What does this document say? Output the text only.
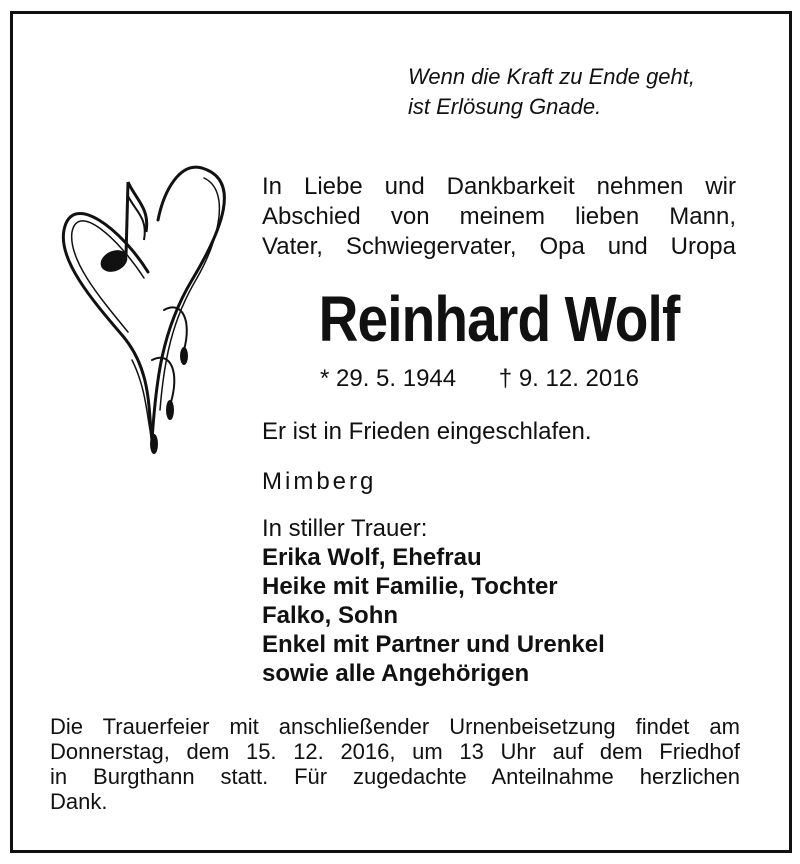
Wenn die Kraft zu Ende geht,
ist Erlösung Gnade.
In Liebe und Dankbarkeit nehmen wir
Abschied von meinem lieben Mann,
Vater, Schwiegervater, Opa und Uropa
Reinhard Wolf
* 29. 5. 1944 † 9. 12. 2016
Er ist in Frieden eingeschlafen.
Mimberg
In stiller Trauer:
Erika Wolf, Ehefrau
Heike mit Familie, Tochter
Falko, Sohn
Enkel mit Partner und Urenkel
sowie alle Angehörigen
Die Trauerfeier mit anschließender Urnenbeisetzung findet am
Donnerstag, dem 15. 12. 2016, um 13 Uhr auf dem Friedhof
in Burgthann statt. Für zugedachte Anteilnahme herzlichen
Dank.
